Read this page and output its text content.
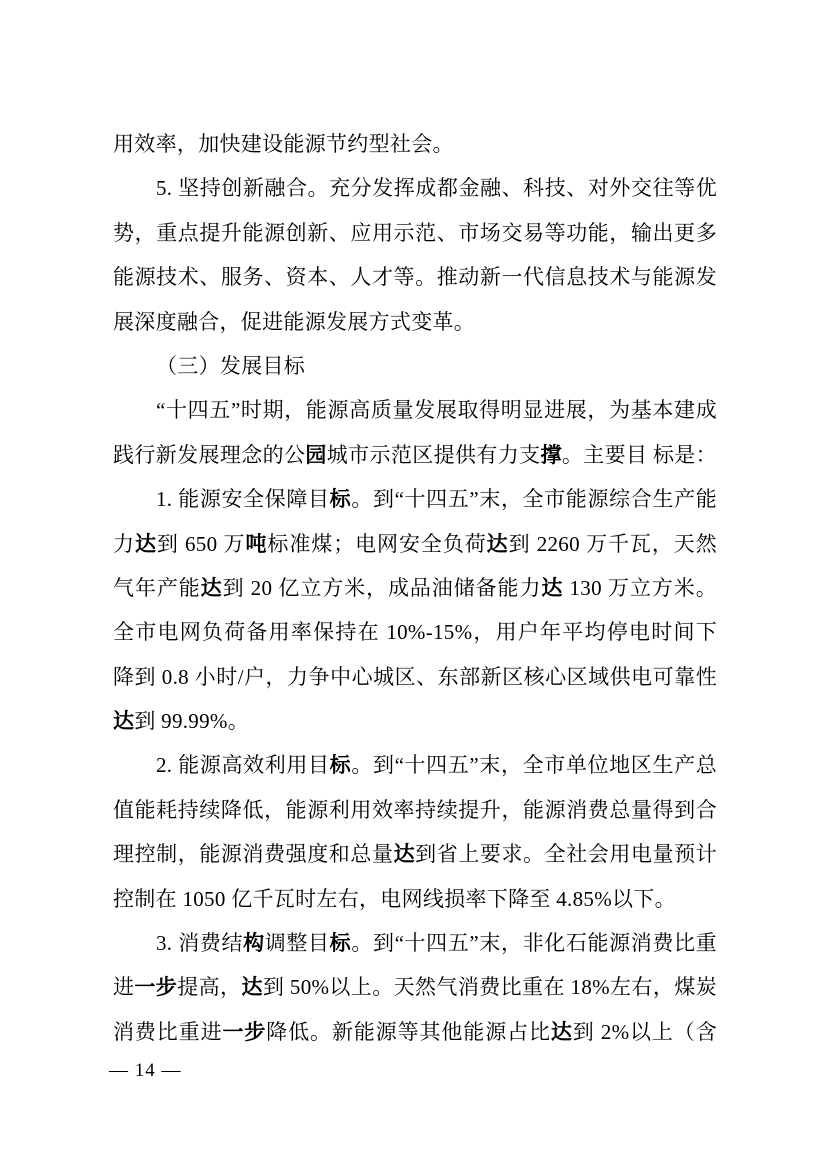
用效率，加快建设能源节约型社会。
5. 坚持创新融合。充分发挥成都金融、科技、对外交往等优
势，重点提升能源创新、应用示范、市场交易等功能，输出更多
能源技术、服务、资本、人才等。推动新一代信息技术与能源发
展深度融合，促进能源发展方式变革。
（三）发展目标
“十四五”时期，能源高质量发展取得明显进展，为基本建成
践行新发展理念的公园城市示范区提供有力支撑。主要目 标是：
1. 能源安全保障目标。到“十四五”末，全市能源综合生产能
力达到 650 万吨标准煤；电网安全负荷达到 2260 万千瓦，天然
气年产能达到 20 亿立方米，成品油储备能力达 130 万立方米。
全市电网负荷备用率保持在 10%-15%，用户年平均停电时间下
降到 0.8 小时/户，力争中心城区、东部新区核心区域供电可靠性
达到 99.99%。
2. 能源高效利用目标。到“十四五”末，全市单位地区生产总
值能耗持续降低，能源利用效率持续提升，能源消费总量得到合
理控制，能源消费强度和总量达到省上要求。全社会用电量预计
控制在 1050 亿千瓦时左右，电网线损率下降至 4.85%以下。
3. 消费结构调整目标。到“十四五”末，非化石能源消费比重
进一步提高，达到 50%以上。天然气消费比重在 18%左右，煤炭
消费比重进一步降低。新能源等其他能源占比达到 2%以上（含
— 14 —
